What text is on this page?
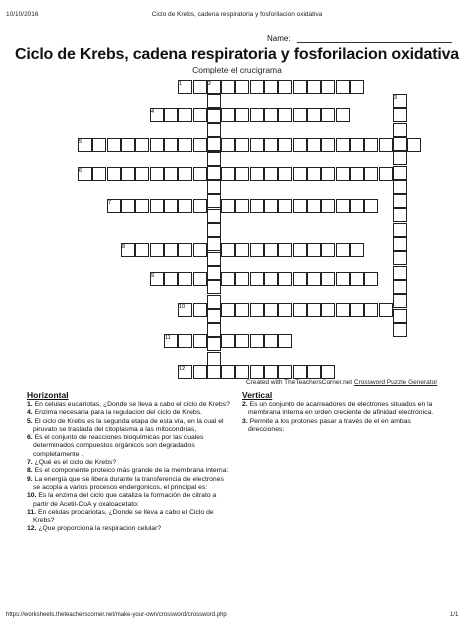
10/10/2016	Ciclo de Krebs, cadena respiratoria y fosforilacion oxidativa
Name:
Ciclo de Krebs, cadena respiratoria y fosforilacion oxidativa
Complete el crucigrama
1	2
3
4
5
6
7
8
9
10
11
12
Created with TheTeachersCorner.net Crossword Puzzle Generator
Horizontal	Vertical
1. En celulas eucariotas, ¿Donde se lleva a cabo el ciclo de Krebs?
4. Enzima necesaria para la regulacion del ciclo de Krebs.
5. El ciclo de Krebs es la segunda etapa de esta vía, en la cual el piruvato se traslada del citoplasma a las mitocondrias,
6. Es el conjunto de reacciones bioquímicas por las cuales determinados compuestos orgánicos son degradados completamente .
7. ¿Qué es el ciclo de Krebs?
8. Es el componente proteico más grande de la membrana interna:
9. La energía que se libera durante la transferencia de electrones se acopla a varios procesos endergonicos, el principal es:
10. Es la enzima del ciclo que cataliza la formación de citrato a partir de Acetil-CoA y oxaloacetato:
11. En celulas procariotas, ¿Donde se lleva a cabo el Ciclo de Krebs?
12. ¿Que proporciona la respiracion celular?
2. Es un conjunto de acarreadores de electrones situados en la membrana interna en orden creciente de afinidad electrónica.
3. Permite a los protones pasar a través de el en ambas direcciones:
https://worksheets.theteacherscorner.net/make-your-own/crossword/crossword.php	1/1
